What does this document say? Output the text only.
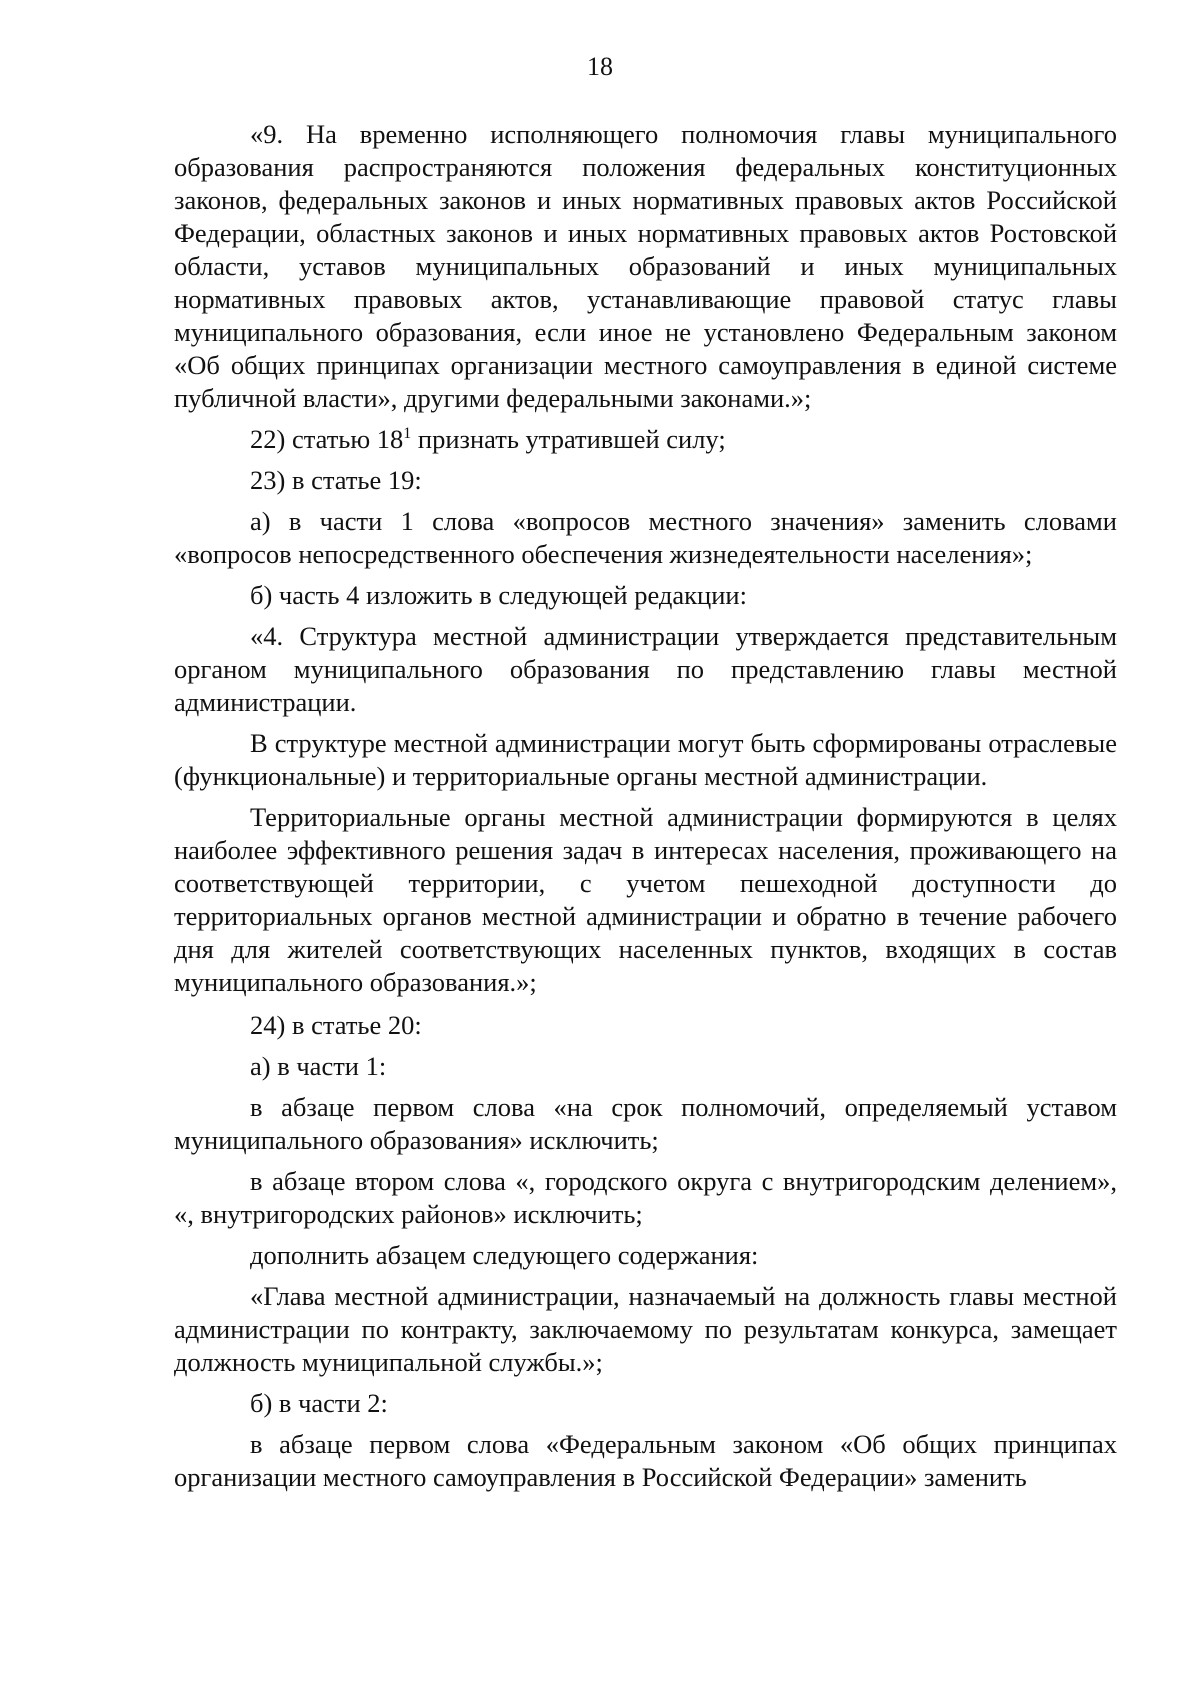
18

«9. На временно исполняющего полномочия главы муниципального образования распространяются положения федеральных конституционных законов, федеральных законов и иных нормативных правовых актов Российской Федерации, областных законов и иных нормативных правовых актов Ростовской области, уставов муниципальных образований и иных муниципальных нормативных правовых актов, устанавливающие правовой статус главы муниципального образования, если иное не установлено Федеральным законом «Об общих принципах организации местного самоуправления в единой системе публичной власти», другими федеральными законами.»;

22) статью $18^1$ признать утратившей силу;

23) в статье 19:

а) в части 1 слова «вопросов местного значения» заменить словами «вопросов непосредственного обеспечения жизнедеятельности населения»;

б) часть 4 изложить в следующей редакции:

«4. Структура местной администрации утверждается представительным органом муниципального образования по представлению главы местной администрации.

В структуре местной администрации могут быть сформированы отраслевые (функциональные) и территориальные органы местной администрации.

Территориальные органы местной администрации формируются в целях наиболее эффективного решения задач в интересах населения, проживающего на соответствующей территории, с учетом пешеходной доступности до территориальных органов местной администрации и обратно в течение рабочего дня для жителей соответствующих населенных пунктов, входящих в состав муниципального образования.»;

24) в статье 20:

а) в части 1:

в абзаце первом слова «на срок полномочий, определяемый уставом муниципального образования» исключить;

в абзаце втором слова «, городского округа с внутригородским делением», «, внутригородских районов» исключить;

дополнить абзацем следующего содержания:

«Глава местной администрации, назначаемый на должность главы местной администрации по контракту, заключаемому по результатам конкурса, замещает должность муниципальной службы.»;

б) в части 2:

в абзаце первом слова «Федеральным законом «Об общих принципах организации местного самоуправления в Российской Федерации» заменить
